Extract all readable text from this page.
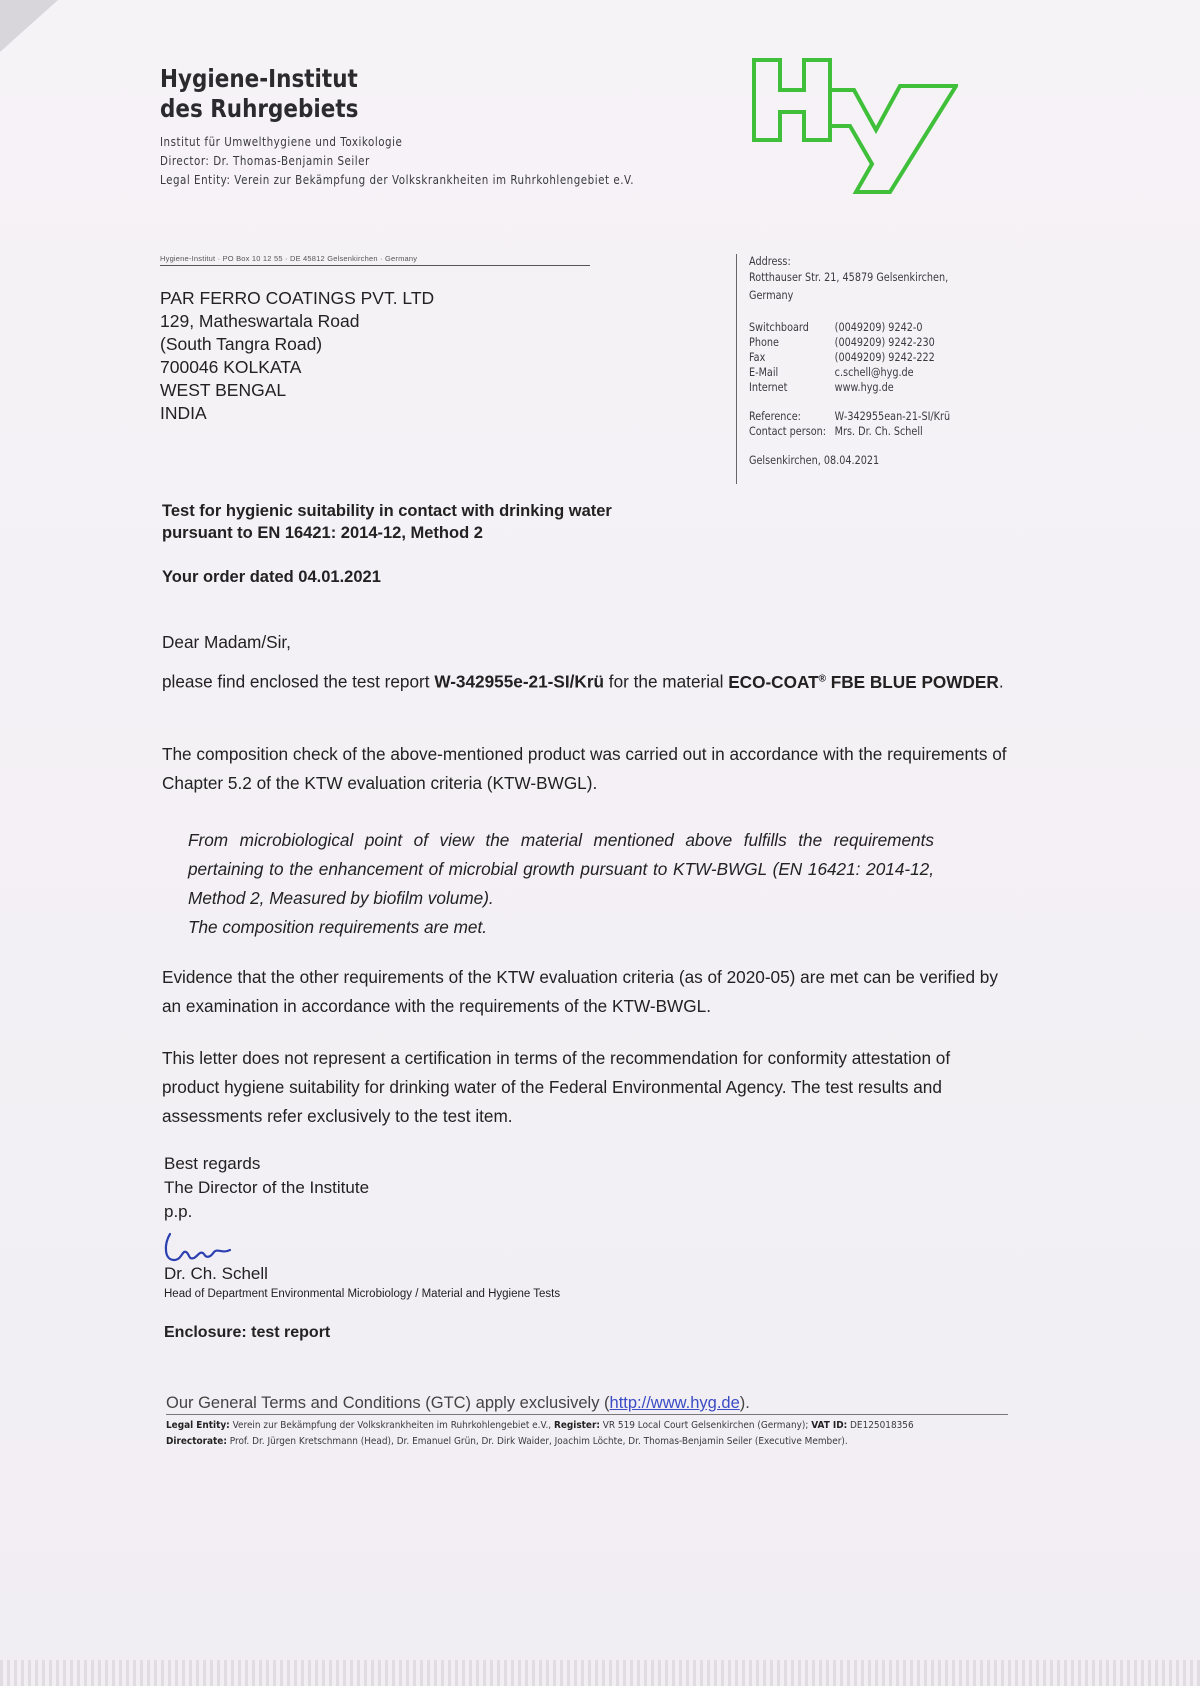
Hygiene-Institut
des Ruhrgebiets
Institut für Umwelthygiene und Toxikologie
Director: Dr. Thomas-Benjamin Seiler
Legal Entity: Verein zur Bekämpfung der Volkskrankheiten im Ruhrkohlengebiet e.V.
Hygiene-Institut · PO Box 10 12 55 · DE 45812 Gelsenkirchen · Germany
PAR FERRO COATINGS PVT. LTD
129, Matheswartala Road
(South Tangra Road)
700046 KOLKATA
WEST BENGAL
INDIA

Address:

Rotthauser Str. 21, 45879 Gelsenkirchen,

Germany

Switchboard	(0049209) 9242-0
Phone	(0049209) 9242-230
Fax	(0049209) 9242-222
E-Mail	c.schell@hyg.de
Internet	www.hyg.de
Reference:	W-342955ean-21-SI/Krü
Contact person: Mrs. Dr. Ch. Schell

Gelsenkirchen, 08.04.2021

Test for hygienic suitability in contact with drinking water
pursuant to EN 16421: 2014-12, Method 2
Your order dated 04.01.2021
Dear Madam/Sir,
please find enclosed the test report W-342955e-21-SI/Krü for the material ECO-COAT® FBE BLUE POWDER.
The composition check of the above-mentioned product was carried out in accordance with the requirements of Chapter 5.2 of the KTW evaluation criteria (KTW-BWGL).
From microbiological point of view the material mentioned above fulfills the requirements pertaining to the enhancement of microbial growth pursuant to KTW-BWGL (EN 16421: 2014-12, Method 2, Measured by biofilm volume).
The composition requirements are met.
Evidence that the other requirements of the KTW evaluation criteria (as of 2020-05) are met can be verified by an examination in accordance with the requirements of the KTW-BWGL.
This letter does not represent a certification in terms of the recommendation for conformity attestation of product hygiene suitability for drinking water of the Federal Environmental Agency. The test results and assessments refer exclusively to the test item.
Best regards
The Director of the Institute
p.p.
Dr. Ch. Schell
Head of Department Environmental Microbiology / Material and Hygiene Tests
Enclosure: test report
Our General Terms and Conditions (GTC) apply exclusively (http://www.hyg.de).
Legal Entity: Verein zur Bekämpfung der Volkskrankheiten im Ruhrkohlengebiet e.V., Register: VR 519 Local Court Gelsenkirchen (Germany); VAT ID: DE125018356
Directorate: Prof. Dr. Jürgen Kretschmann (Head), Dr. Emanuel Grün, Dr. Dirk Waider, Joachim Löchte, Dr. Thomas-Benjamin Seiler (Executive Member).
